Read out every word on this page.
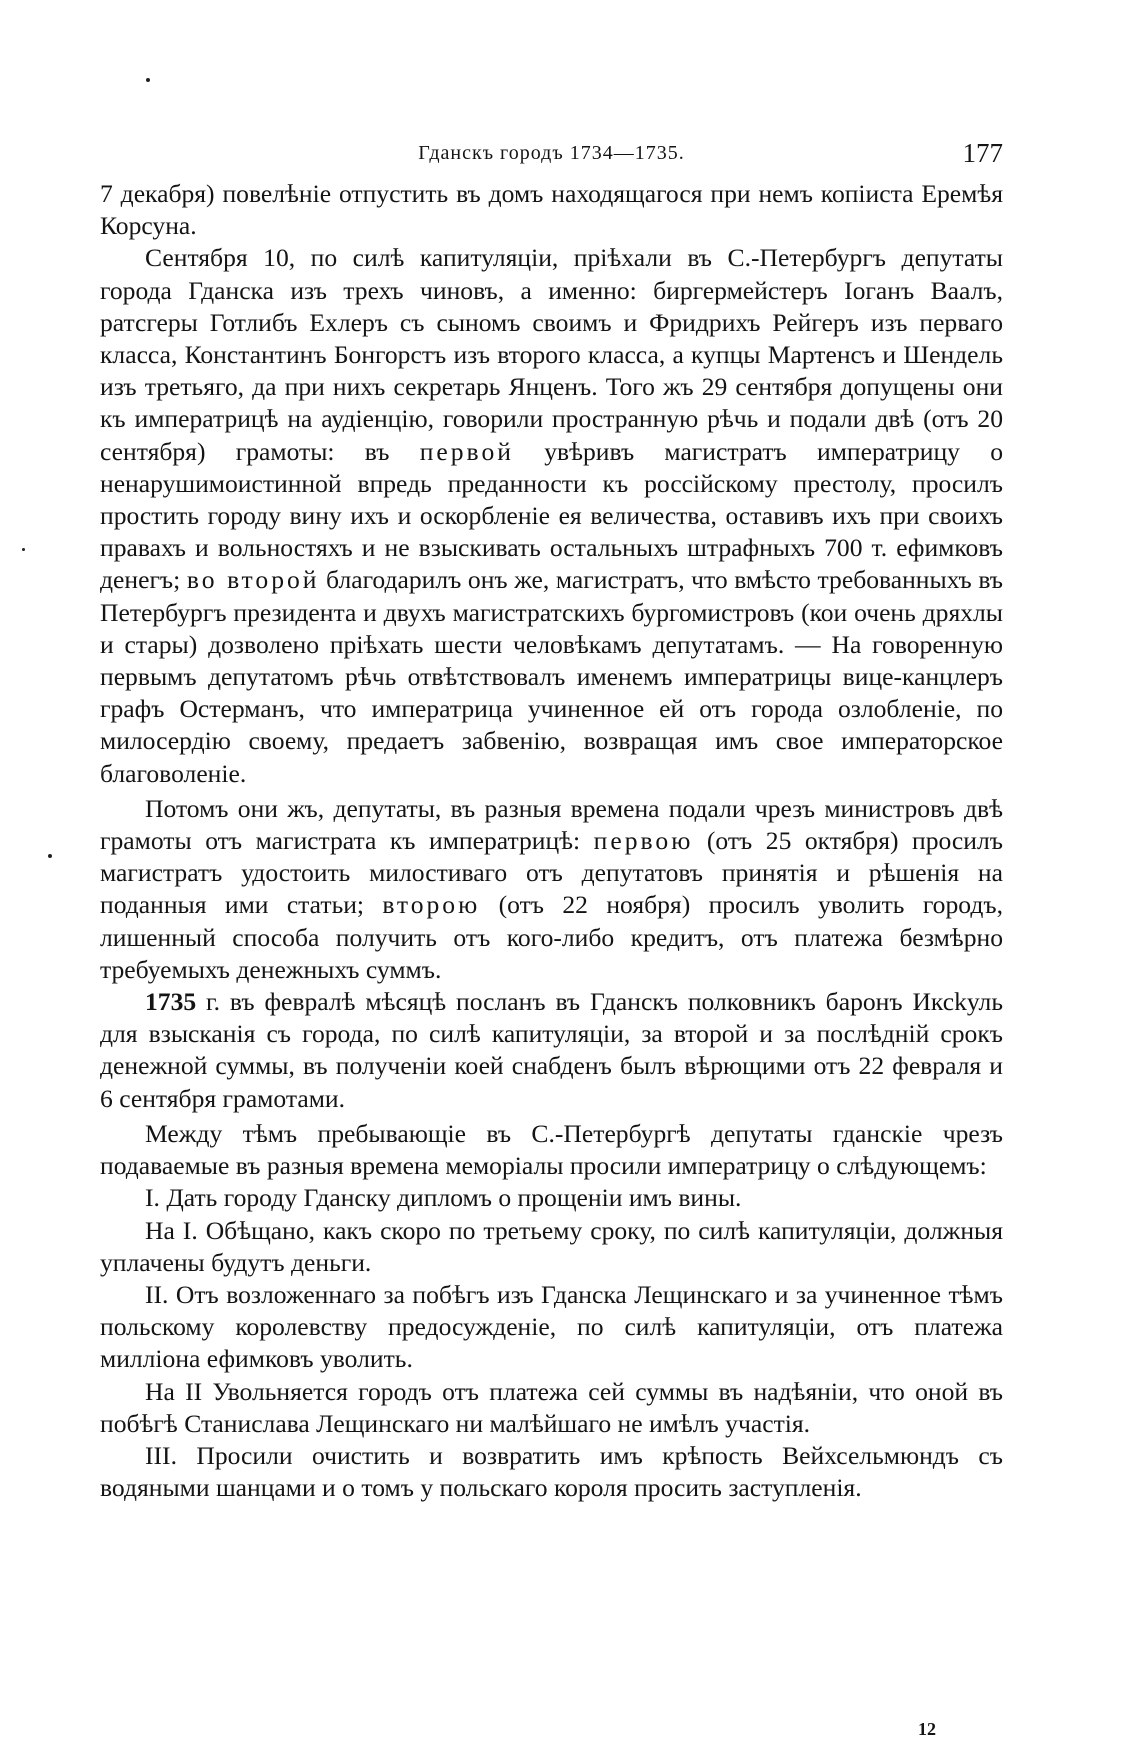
Гданскъ городъ 1734—1735.	177

7 декабря) повелѣніе отпустить въ домъ находящагося при немъ копіиста Еремѣя Корсуна.

Сентября 10, по силѣ капитуляціи, пріѣхали въ С.-Петербургъ депутаты города Гданска изъ трехъ чиновъ, а именно: биргермейстеръ Іоганъ Ваалъ, ратсгеры Готлибъ Ехлеръ съ сыномъ своимъ и Фридрихъ Рейгеръ изъ перваго класса, Константинъ Бонгорстъ изъ второго класса, а купцы Мартенсъ и Шендель изъ третьяго, да при нихъ секретарь Янценъ. Того жъ 29 сентября допущены они къ императрицѣ на аудіенцію, говорили пространную рѣчь и подали двѣ (отъ 20 сентября) грамоты: въ первой увѣривъ магистратъ императрицу о ненарушимоистинной впредь преданности къ россійскому престолу, просилъ простить городу вину ихъ и оскорбленіе ея величества, оставивъ ихъ при своихъ правахъ и вольностяхъ и не взыскивать остальныхъ штрафныхъ 700 т. ефимковъ денегъ; во второй благодарилъ онъ же, магистратъ, что вмѣсто требованныхъ въ Петербургъ президента и двухъ магистратскихъ бургомистровъ (кои очень дряхлы и стары) дозволено пріѣхать шести человѣкамъ депутатамъ. — На говоренную первымъ депутатомъ рѣчь отвѣтствовалъ именемъ императрицы вице-канцлеръ графъ Остерманъ, что императрица учиненное ей отъ города озлобленіе, по милосердію своему, предаетъ забвенію, возвращая имъ свое императорское благоволеніе.

Потомъ они жъ, депутаты, въ разныя времена подали чрезъ министровъ двѣ грамоты отъ магистрата къ императрицѣ: первою (отъ 25 октября) просилъ магистратъ удостоить милостиваго отъ депутатовъ принятія и рѣшенія на поданныя ими статьи; второю (отъ 22 ноября) просилъ уволить городъ, лишенный способа получить отъ кого-либо кредитъ, отъ платежа безмѣрно требуемыхъ денежныхъ суммъ.

1735 г. въ февралѣ мѣсяцѣ посланъ въ Гданскъ полковникъ баронъ Иксkуль для взысканія съ города, по силѣ капитуляціи, за второй и за послѣдній срокъ денежной суммы, въ полученіи коей снабденъ былъ вѣрющими отъ 22 февраля и 6 сентября грамотами.

Между тѣмъ пребывающіе въ С.-Петербургѣ депутаты гданскіе чрезъ подаваемые въ разныя времена меморіалы просили императрицу о слѣдующемъ:

I. Дать городу Гданску дипломъ о прощеніи имъ вины.

На I. Обѣщано, какъ скоро по третьему сроку, по силѣ капитуляціи, должныя уплачены будутъ деньги.

II. Отъ возложеннаго за побѣгъ изъ Гданска Лещинскаго и за учиненное тѣмъ польскому королевству предосужденіе, по силѣ капитуляціи, отъ платежа милліона ефимковъ уволить.

На II Увольняется городъ отъ платежа сей суммы въ надѣяніи, что оной въ побѣгѣ Станислава Лещинскаго ни малѣйшаго не имѣлъ участія.

III. Просили очистить и возвратить имъ крѣпость Вейхсельмюндъ съ водяными шанцами и о томъ у польскаго короля просить заступленія.

12
